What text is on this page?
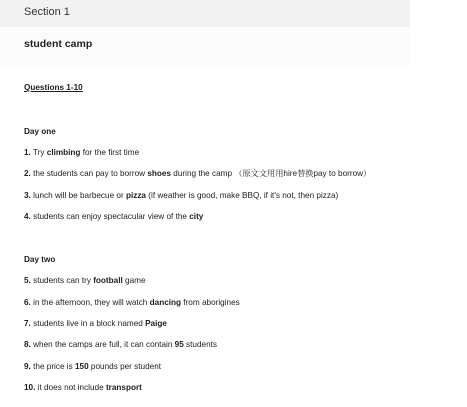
Section 1
student camp
Questions 1-10
Day one
1. Try climbing for the first time
2. the students can pay to borrow shoes during the camp （原文文用用hire替换pay to borrow）
3. lunch will be barbecue or pizza (if weather is good, make BBQ, if it's not, then pizza)
4. students can enjoy spectacular view of the city
Day two
5. students can try football game
6. in the afternoon, they will watch dancing from aborigines
7. students live in a block named Paige
8. when the camps are full, it can contain 95 students
9. the price is 150 pounds per student
10. it does not include transport
